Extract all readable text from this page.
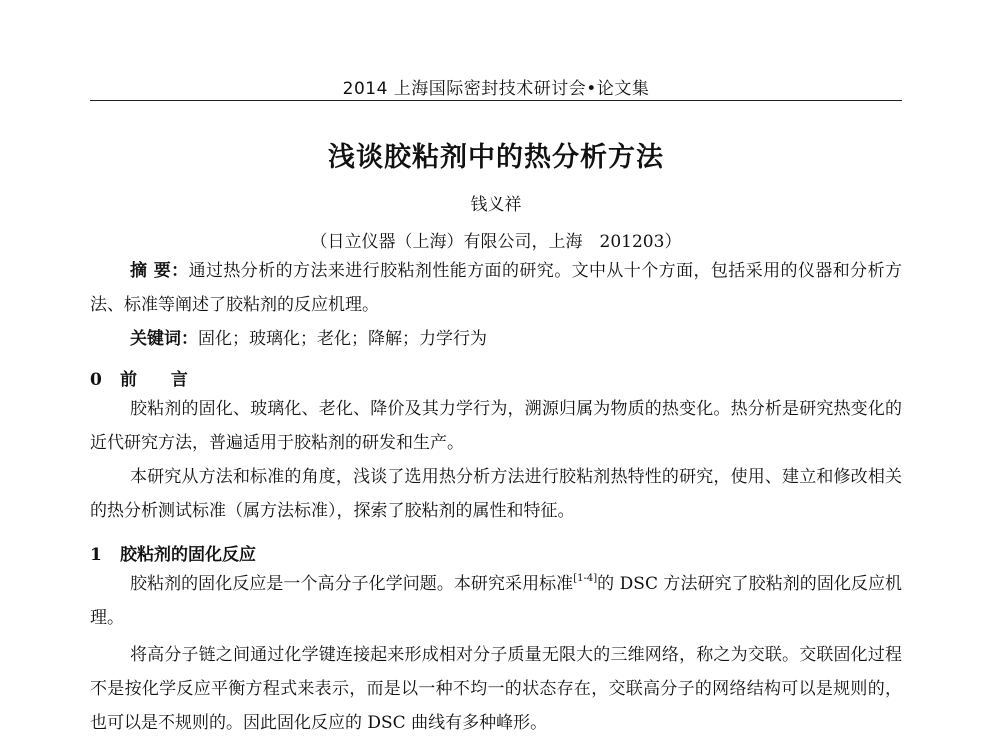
2014 上海国际密封技术研讨会•论文集
浅谈胶粘剂中的热分析方法
钱义祥
（日立仪器（上海）有限公司，上海　201203）
摘 要：通过热分析的方法来进行胶粘剂性能方面的研究。文中从十个方面，包括采用的仪器和分析方法、标准等阐述了胶粘剂的反应机理。
关键词：固化；玻璃化；老化；降解；力学行为
0 前 言
胶粘剂的固化、玻璃化、老化、降价及其力学行为，溯源归属为物质的热变化。热分析是研究热变化的近代研究方法，普遍适用于胶粘剂的研发和生产。
本研究从方法和标准的角度，浅谈了选用热分析方法进行胶粘剂热特性的研究，使用、建立和修改相关的热分析测试标准（属方法标准），探索了胶粘剂的属性和特征。
1 胶粘剂的固化反应
胶粘剂的固化反应是一个高分子化学问题。本研究采用标准[1-4]的 DSC 方法研究了胶粘剂的固化反应机理。
将高分子链之间通过化学键连接起来形成相对分子质量无限大的三维网络，称之为交联。交联固化过程不是按化学反应平衡方程式来表示，而是以一种不均一的状态存在，交联高分子的网络结构可以是规则的，也可以是不规则的。因此固化反应的 DSC 曲线有多种峰形。
